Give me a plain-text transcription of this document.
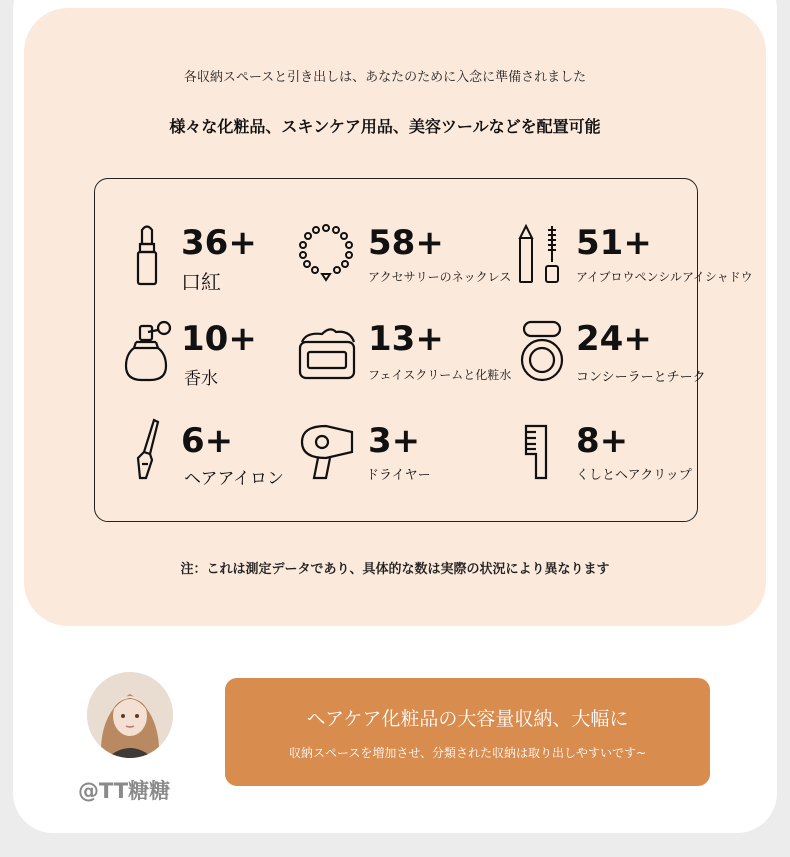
各収納スペースと引き出しは、あなたのために入念に準備されました
様々な化粧品、スキンケア用品、美容ツールなどを配置可能
36+
口紅
58+
アクセサリーのネックレス
51+
アイブロウペンシルアイシャドウ
10+
香水
13+
フェイスクリームと化粧水
24+
コンシーラーとチーク
6+
ヘアアイロン
3+
ドライヤー
8+
くしとヘアクリップ
注：これは測定データであり、具体的な数は実際の状況により異なります
@TT糖糖
ヘアケア化粧品の大容量収納、大幅に
収納スペースを増加させ、分類された収納は取り出しやすいです~
